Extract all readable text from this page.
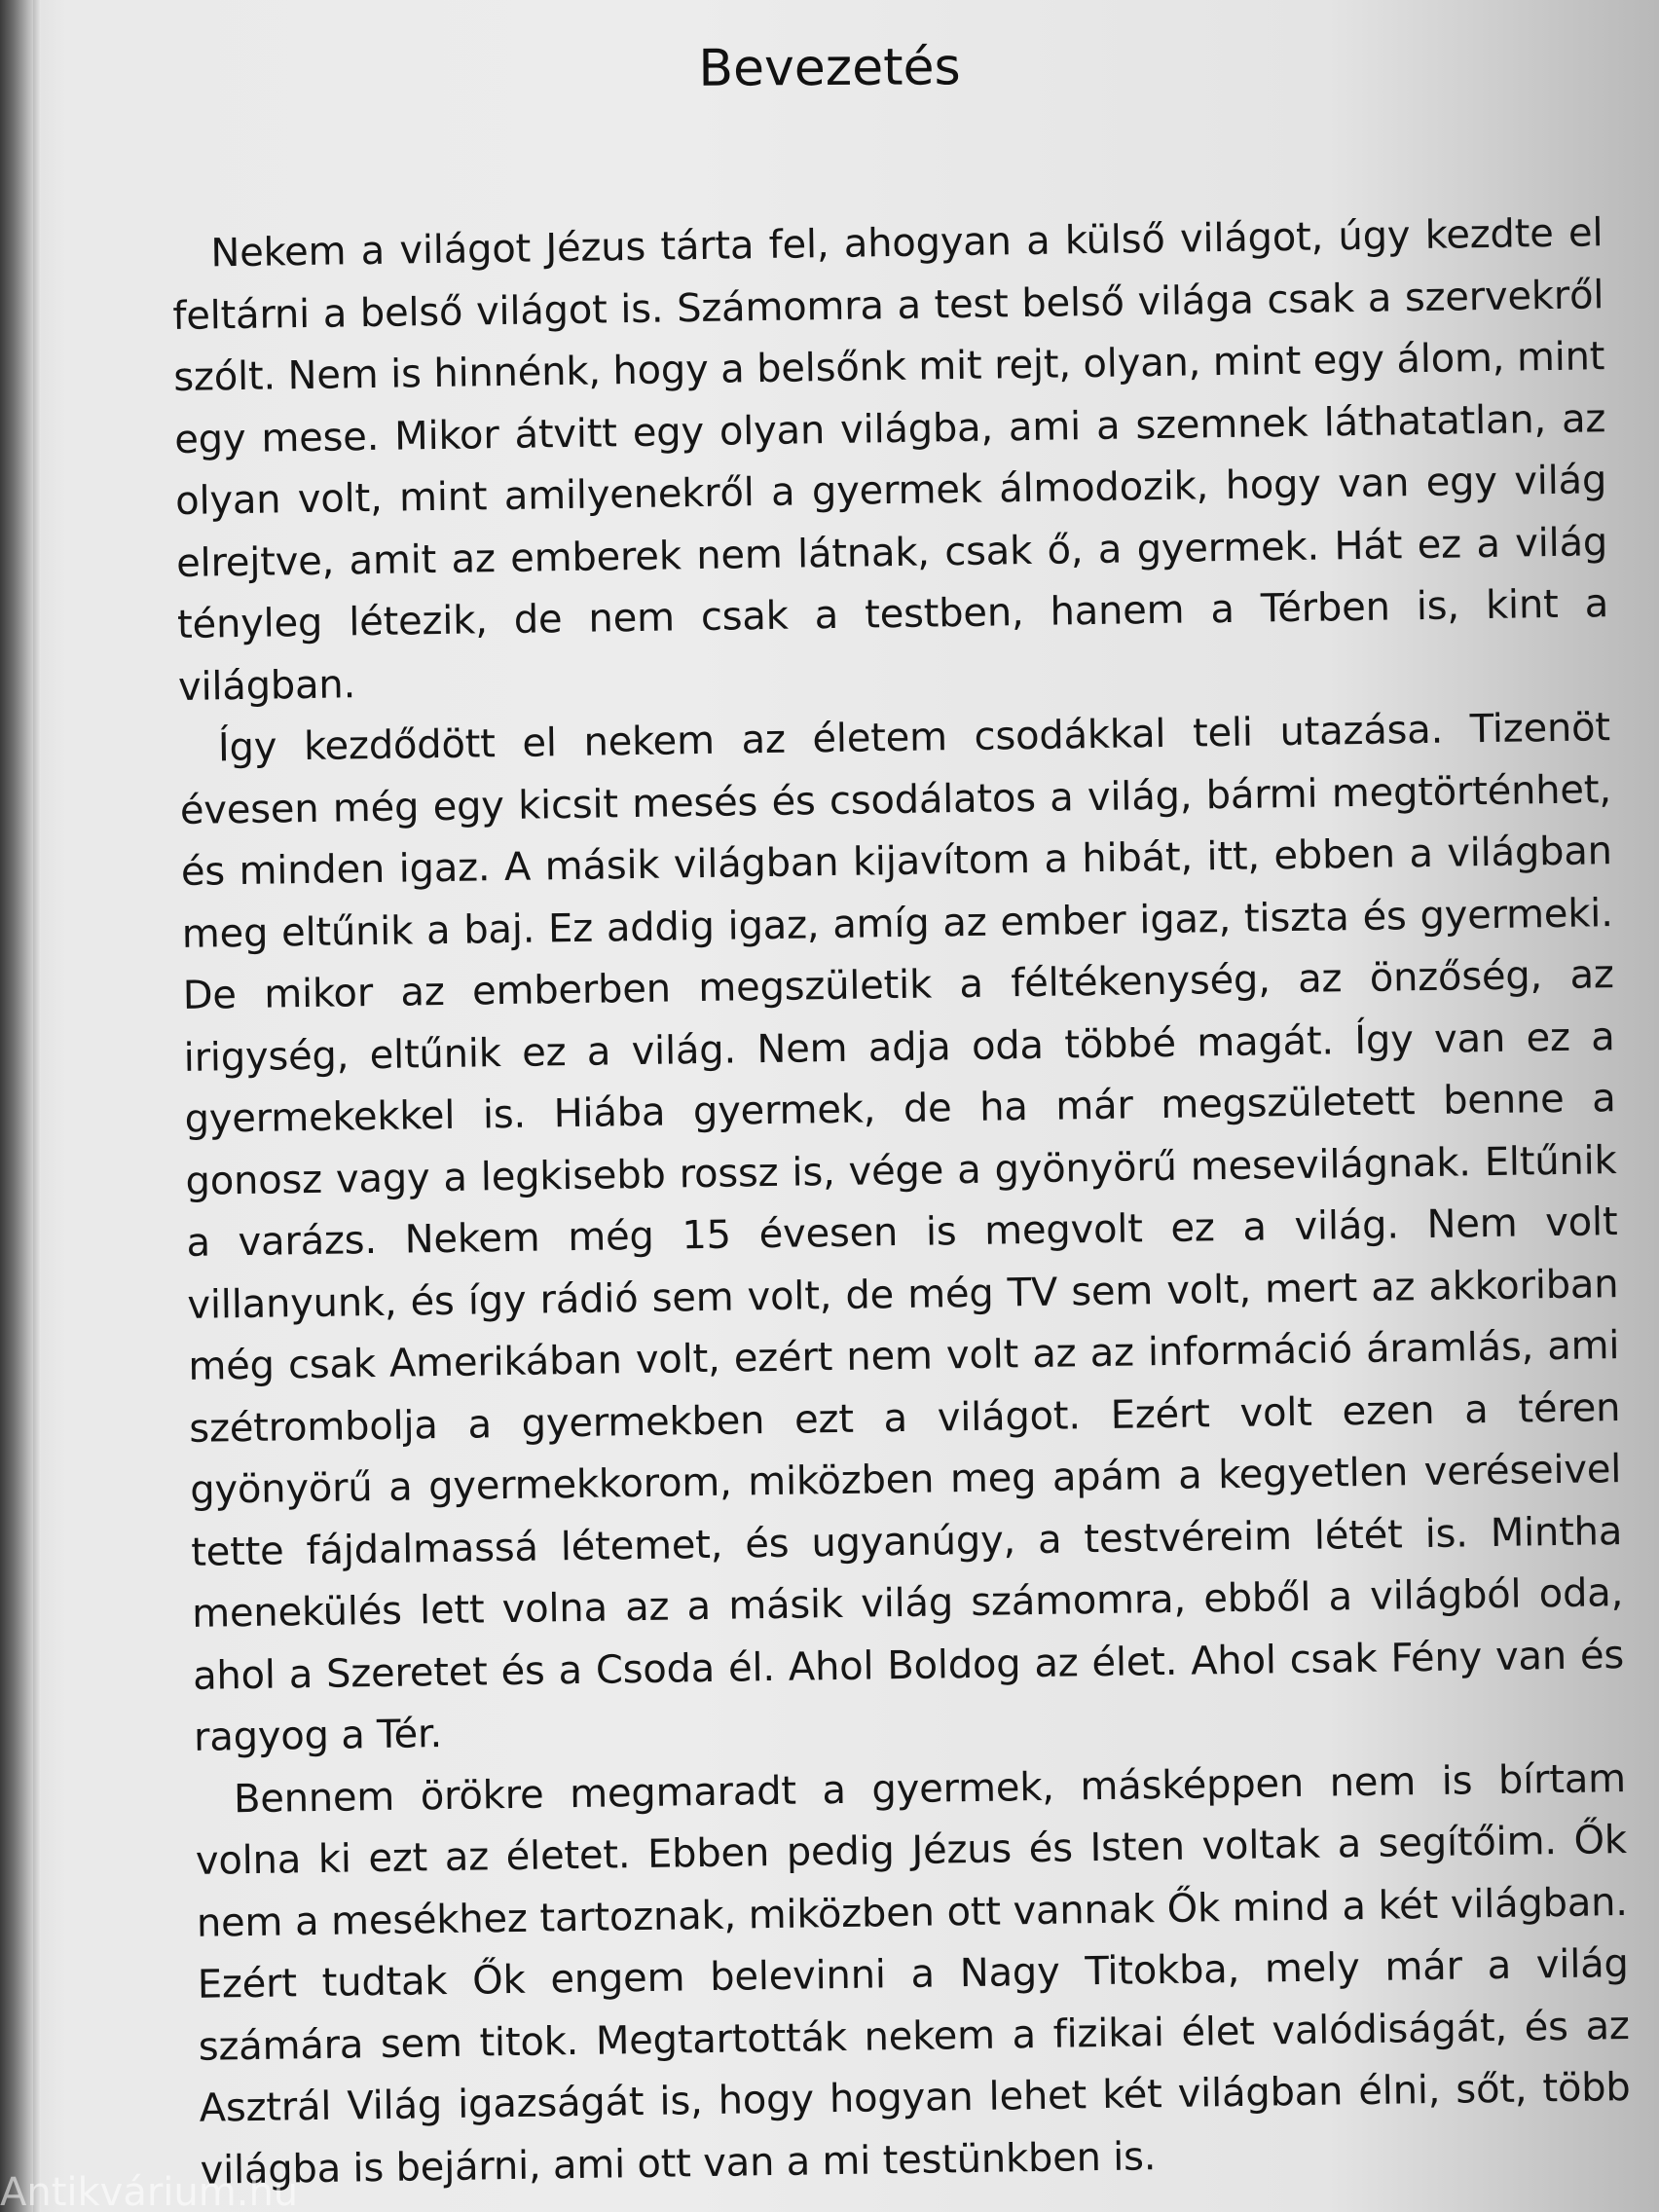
Bevezetés

Nekem a világot Jézus tárta fel, ahogyan a külső világot, úgy kezdte el feltárni a belső világot is. Számomra a test belső világa csak a szervekről szólt. Nem is hinnénk, hogy a belsőnk mit rejt, olyan, mint egy álom, mint egy mese. Mikor átvitt egy olyan világba, ami a szemnek láthatatlan, az olyan volt, mint amilyenekről a gyermek álmodozik, hogy van egy világ elrejtve, amit az emberek nem látnak, csak ő, a gyermek. Hát ez a világ tényleg létezik, de nem csak a testben, hanem a Térben is, kint a világban.

Így kezdődött el nekem az életem csodákkal teli utazása. Tizenöt évesen még egy kicsit mesés és csodálatos a világ, bármi megtörténhet, és minden igaz. A másik világban kijavítom a hibát, itt, ebben a világban meg eltűnik a baj. Ez addig igaz, amíg az ember igaz, tiszta és gyermeki. De mikor az emberben megszületik a féltékenység, az önzőség, az irigység, eltűnik ez a világ. Nem adja oda többé magát. Így van ez a gyermekekkel is. Hiába gyermek, de ha már megszületett benne a gonosz vagy a legkisebb rossz is, vége a gyönyörű mesevilágnak. Eltűnik a varázs. Nekem még 15 évesen is megvolt ez a világ. Nem volt villanyunk, és így rádió sem volt, de még TV sem volt, mert az akkoriban még csak Amerikában volt, ezért nem volt az az információ áramlás, ami szétrombolja a gyermekben ezt a világot. Ezért volt ezen a téren gyönyörű a gyermekkorom, miközben meg apám a kegyetlen veréseivel tette fájdalmassá létemet, és ugyanúgy, a testvéreim létét is. Mintha menekülés lett volna az a másik világ számomra, ebből a világból oda, ahol a Szeretet és a Csoda él. Ahol Boldog az élet. Ahol csak Fény van és ragyog a Tér.

Bennem örökre megmaradt a gyermek, másképpen nem is bírtam volna ki ezt az életet. Ebben pedig Jézus és Isten voltak a segítőim. Ők nem a mesékhez tartoznak, miközben ott vannak Ők mind a két világban. Ezért tudtak Ők engem belevinni a Nagy Titokba, mely már a világ számára sem titok. Megtartották nekem a fizikai élet valódiságát, és az Asztrál Világ igazságát is, hogy hogyan lehet két világban élni, sőt, több világba is bejárni, ami ott van a mi testünkben is.

Antikvárium.hu
